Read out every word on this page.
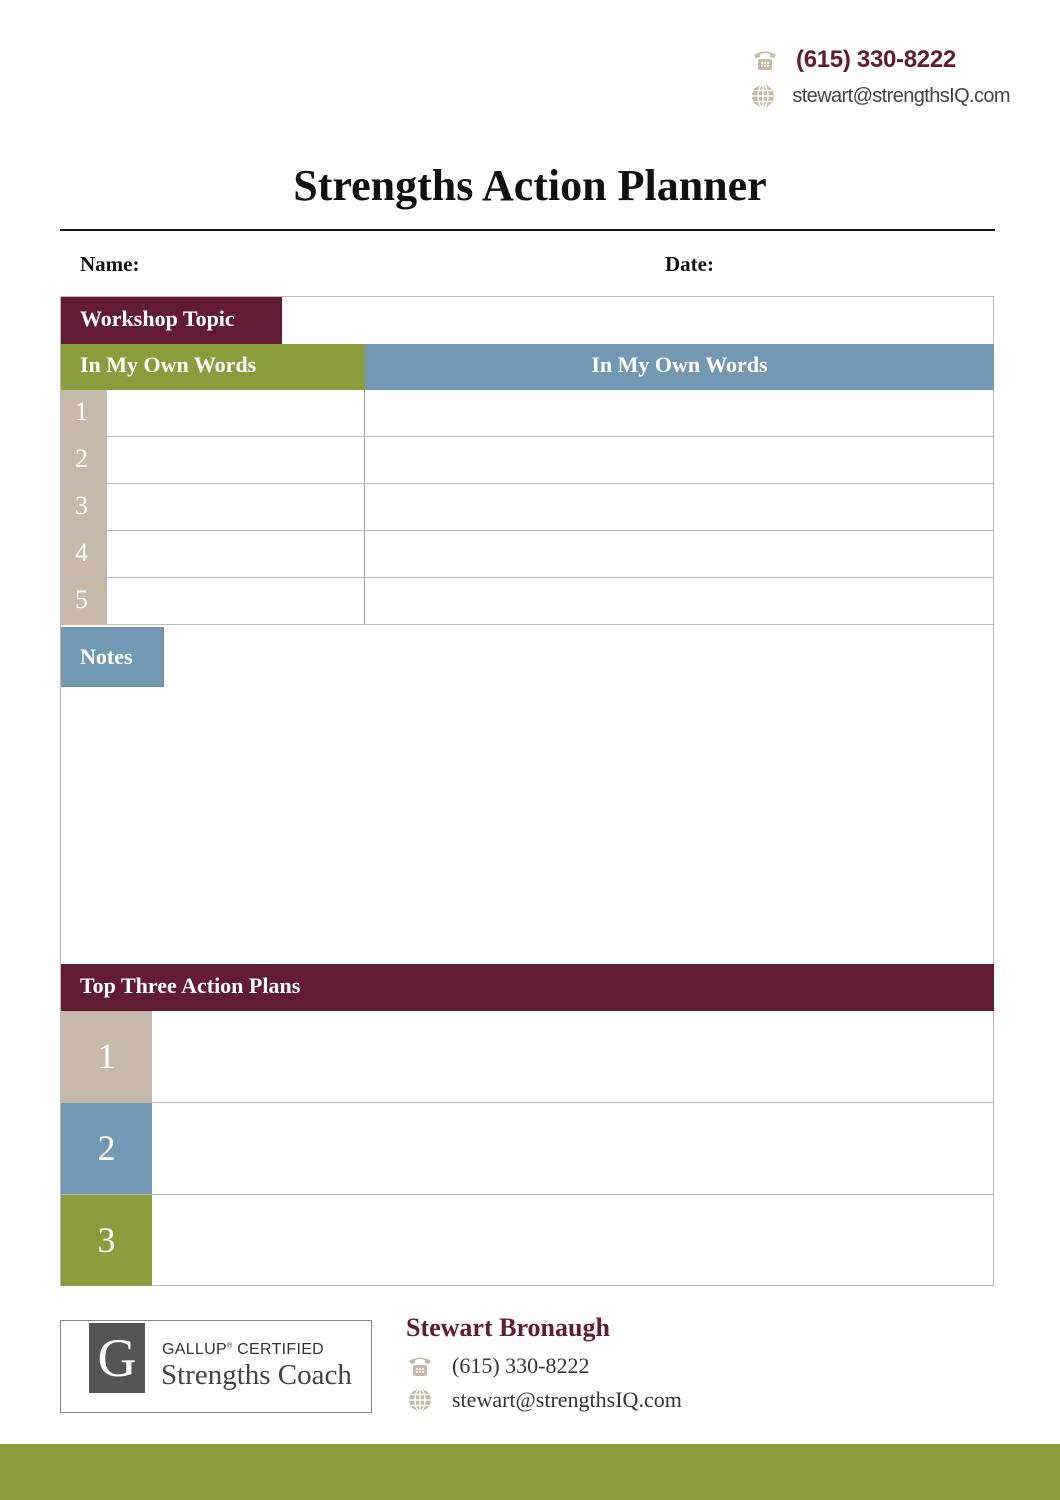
(615) 330-8222
stewart@strengthsIQ.com
Strengths Action Planner
Name:	Date:
Workshop Topic
In My Own Words	In My Own Words
1
2
3
4
5
Notes
Top Three Action Plans
1
2
3
G	GALLUP® CERTIFIED
Strengths Coach
Stewart Bronaugh
(615) 330-8222
stewart@strengthsIQ.com
